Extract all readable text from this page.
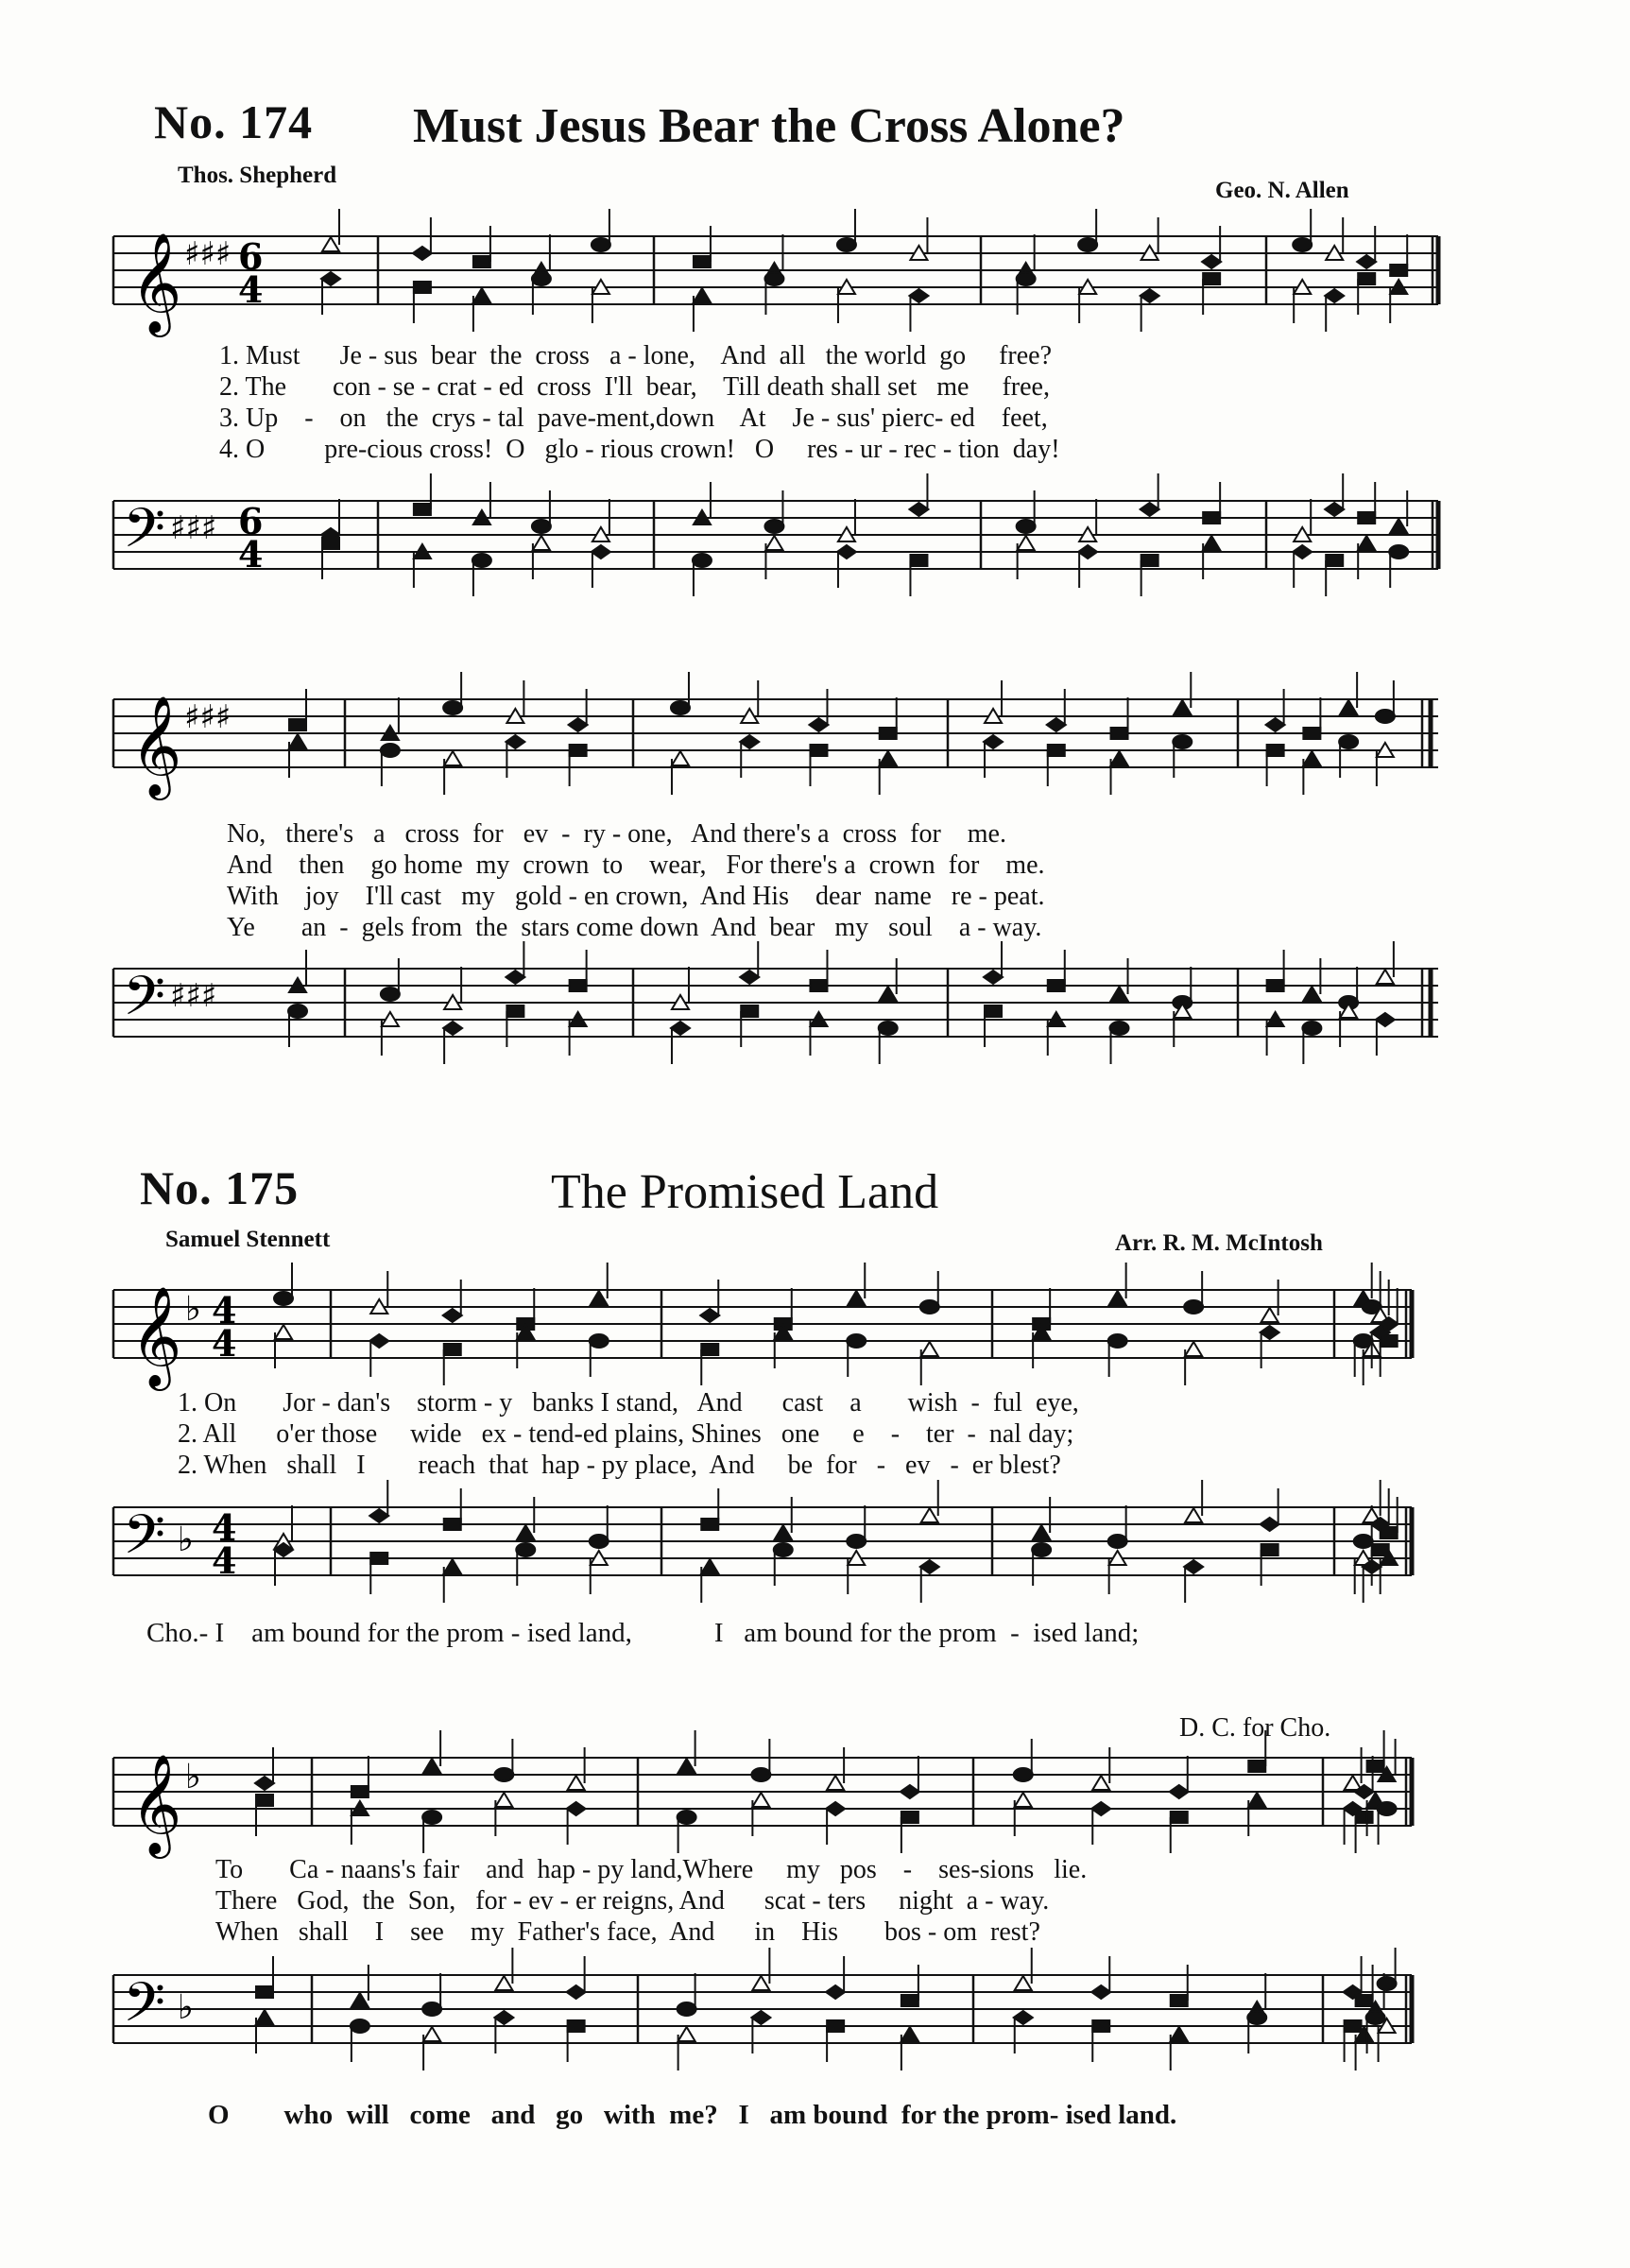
No. 174 Must Jesus Bear the Cross Alone?
Thos. Shepherd
Geo. N. Allen
𝄞 ♯♯♯ 6
4
1. Must      Je - sus  bear  the  cross   a - lone,    And  all   the world  go     free?
2. The       con - se - crat - ed  cross  I'll  bear,    Till death shall set   me     free,
3. Up    -    on   the  crys - tal  pave-ment,down    At    Je - sus' pierc- ed    feet,
4. O         pre-cious cross!  O   glo - rious crown!   O     res - ur - rec - tion  day!
𝄢 ♯♯♯ 6
4
𝄞 ♯♯♯
No,   there's   a   cross  for   ev  -  ry - one,   And there's a  cross  for    me.
And    then    go home  my  crown  to    wear,   For there's a  crown  for    me.
With    joy    I'll cast   my   gold - en crown,  And His    dear  name   re - peat.
Ye       an  -  gels from  the  stars come down  And  bear   my   soul    a - way.
𝄢 ♯♯♯
No. 175	The Promised Land
Samuel Stennett	Arr. R. M. McIntosh
𝄞 ♭ 4
4
1. On       Jor - dan's    storm - y   banks I stand,   And      cast    a       wish  -  ful  eye,
2. All      o'er those     wide   ex - tend-ed plains, Shines   one     e    -    ter  -  nal day;
2. When   shall   I        reach  that  hap - py place,  And     be  for   -   ev   -  er blest?
𝄢 ♭ 4
4
Cho.- I    am bound for the prom - ised land,            I   am bound for the prom  -  ised land;
D. C. for Cho.
𝄞 ♭
To       Ca - naans's fair    and  hap - py land,Where     my   pos    -    ses-sions   lie.
There   God,  the  Son,   for - ev - er reigns, And      scat - ters     night  a - way.
When   shall    I    see    my  Father's face,  And      in    His       bos - om  rest?
𝄢 ♭
O        who  will   come   and   go   with  me?   I   am bound  for the prom- ised land.
